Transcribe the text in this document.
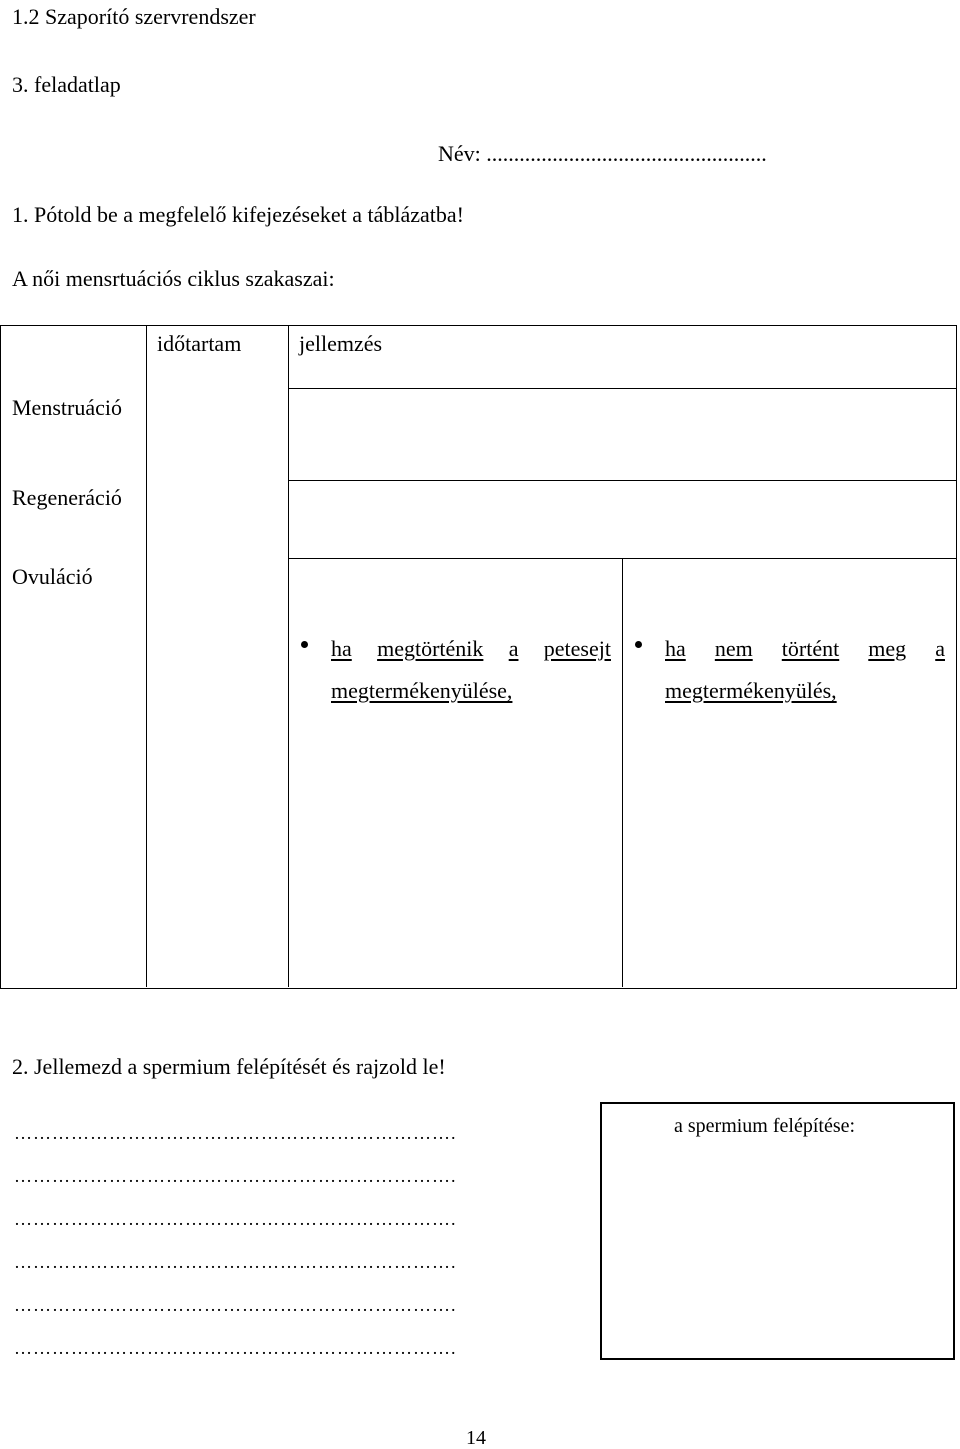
1.2 Szaporító szervrendszer
3. feladatlap
Név: ...................................................
1. Pótold be a megfelelő kifejezéseket a táblázatba!
A női mensrtuációs ciklus szakaszai:
időtartam	jellemzés
Menstruáció
Regeneráció
Ovuláció
ha megtörténik a petesejt
megtermékenyülése,
ha nem történt meg a
megtermékenyülés,
2. Jellemezd a spermium felépítését és rajzold le!
…………………………………………………………….
…………………………………………………………….
…………………………………………………………….
…………………………………………………………….
…………………………………………………………….
…………………………………………………………….
a spermium felépítése:
14
